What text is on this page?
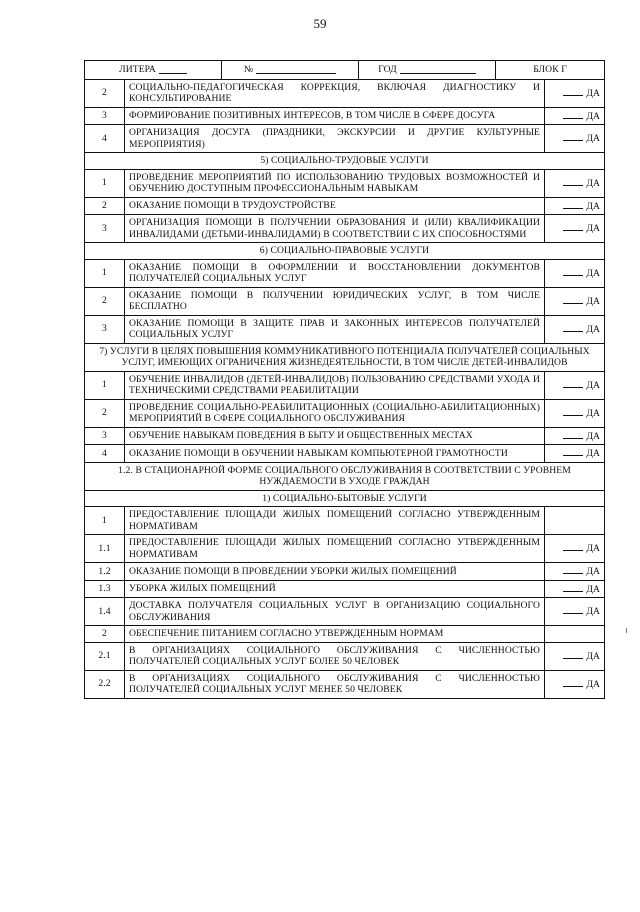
59
ЛИТЕРА	№	ГОД	БЛОК Г

2	СОЦИАЛЬНО-ПЕДАГОГИЧЕСКАЯ КОРРЕКЦИЯ, ВКЛЮЧАЯ ДИАГНОСТИКУ И КОНСУЛЬТИРОВАНИЕ	ДА
3	ФОРМИРОВАНИЕ ПОЗИТИВНЫХ ИНТЕРЕСОВ, В ТОМ ЧИСЛЕ В СФЕРЕ ДОСУГА	ДА
4	ОРГАНИЗАЦИЯ ДОСУГА (ПРАЗДНИКИ, ЭКСКУРСИИ И ДРУГИЕ КУЛЬТУРНЫЕ МЕРОПРИЯТИЯ)	ДА
5) СОЦИАЛЬНО-ТРУДОВЫЕ УСЛУГИ
1	ПРОВЕДЕНИЕ МЕРОПРИЯТИЙ ПО ИСПОЛЬЗОВАНИЮ ТРУДОВЫХ ВОЗМОЖНОСТЕЙ И ОБУЧЕНИЮ ДОСТУПНЫМ ПРОФЕССИОНАЛЬНЫМ НАВЫКАМ	ДА
2	ОКАЗАНИЕ ПОМОЩИ В ТРУДОУСТРОЙСТВЕ	ДА
3	ОРГАНИЗАЦИЯ ПОМОЩИ В ПОЛУЧЕНИИ ОБРАЗОВАНИЯ И (ИЛИ) КВАЛИФИКАЦИИ ИНВАЛИДАМИ (ДЕТЬМИ-ИНВАЛИДАМИ) В СООТВЕТСТВИИ С ИХ СПОСОБНОСТЯМИ	ДА
6) СОЦИАЛЬНО-ПРАВОВЫЕ УСЛУГИ
1	ОКАЗАНИЕ ПОМОЩИ В ОФОРМЛЕНИИ И ВОССТАНОВЛЕНИИ ДОКУМЕНТОВ ПОЛУЧАТЕЛЕЙ СОЦИАЛЬНЫХ УСЛУГ	ДА
2	ОКАЗАНИЕ ПОМОЩИ В ПОЛУЧЕНИИ ЮРИДИЧЕСКИХ УСЛУГ, В ТОМ ЧИСЛЕ БЕСПЛАТНО	ДА
3	ОКАЗАНИЕ ПОМОЩИ В ЗАЩИТЕ ПРАВ И ЗАКОННЫХ ИНТЕРЕСОВ ПОЛУЧАТЕЛЕЙ СОЦИАЛЬНЫХ УСЛУГ	ДА
7) УСЛУГИ В ЦЕЛЯХ ПОВЫШЕНИЯ КОММУНИКАТИВНОГО ПОТЕНЦИАЛА ПОЛУЧАТЕЛЕЙ СОЦИАЛЬНЫХ УСЛУГ, ИМЕЮЩИХ ОГРАНИЧЕНИЯ ЖИЗНЕДЕЯТЕЛЬНОСТИ, В ТОМ ЧИСЛЕ ДЕТЕЙ-ИНВАЛИДОВ
1	ОБУЧЕНИЕ ИНВАЛИДОВ (ДЕТЕЙ-ИНВАЛИДОВ) ПОЛЬЗОВАНИЮ СРЕДСТВАМИ УХОДА И ТЕХНИЧЕСКИМИ СРЕДСТВАМИ РЕАБИЛИТАЦИИ	ДА
2	ПРОВЕДЕНИЕ СОЦИАЛЬНО-РЕАБИЛИТАЦИОННЫХ (СОЦИАЛЬНО-АБИЛИТАЦИОННЫХ) МЕРОПРИЯТИЙ В СФЕРЕ СОЦИАЛЬНОГО ОБСЛУЖИВАНИЯ	ДА
3	ОБУЧЕНИЕ НАВЫКАМ ПОВЕДЕНИЯ В БЫТУ И ОБЩЕСТВЕННЫХ МЕСТАХ	ДА
4	ОКАЗАНИЕ ПОМОЩИ В ОБУЧЕНИИ НАВЫКАМ КОМПЬЮТЕРНОЙ ГРАМОТНОСТИ	ДА
1.2. В СТАЦИОНАРНОЙ ФОРМЕ СОЦИАЛЬНОГО ОБСЛУЖИВАНИЯ В СООТВЕТСТВИИ С УРОВНЕМ НУЖДАЕМОСТИ В УХОДЕ ГРАЖДАН
1) СОЦИАЛЬНО-БЫТОВЫЕ УСЛУГИ
1	ПРЕДОСТАВЛЕНИЕ ПЛОЩАДИ ЖИЛЫХ ПОМЕЩЕНИЙ СОГЛАСНО УТВЕРЖДЕННЫМ НОРМАТИВАМ	
1.1	ПРЕДОСТАВЛЕНИЕ ПЛОЩАДИ ЖИЛЫХ ПОМЕЩЕНИЙ СОГЛАСНО УТВЕРЖДЕННЫМ НОРМАТИВАМ	ДА
1.2	ОКАЗАНИЕ ПОМОЩИ В ПРОВЕДЕНИИ УБОРКИ ЖИЛЫХ ПОМЕЩЕНИЙ	ДА
1.3	УБОРКА ЖИЛЫХ ПОМЕЩЕНИЙ	ДА
1.4	ДОСТАВКА ПОЛУЧАТЕЛЯ СОЦИАЛЬНЫХ УСЛУГ В ОРГАНИЗАЦИЮ СОЦИАЛЬНОГО ОБСЛУЖИВАНИЯ	ДА
2	ОБЕСПЕЧЕНИЕ ПИТАНИЕМ СОГЛАСНО УТВЕРЖДЕННЫМ НОРМАМ	
2.1	В ОРГАНИЗАЦИЯХ СОЦИАЛЬНОГО ОБСЛУЖИВАНИЯ С ЧИСЛЕННОСТЬЮ ПОЛУЧАТЕЛЕЙ СОЦИАЛЬНЫХ УСЛУГ БОЛЕЕ 50 ЧЕЛОВЕК	ДА
2.2	В ОРГАНИЗАЦИЯХ СОЦИАЛЬНОГО ОБСЛУЖИВАНИЯ С ЧИСЛЕННОСТЬЮ ПОЛУЧАТЕЛЕЙ СОЦИАЛЬНЫХ УСЛУГ МЕНЕЕ 50 ЧЕЛОВЕК	ДА
